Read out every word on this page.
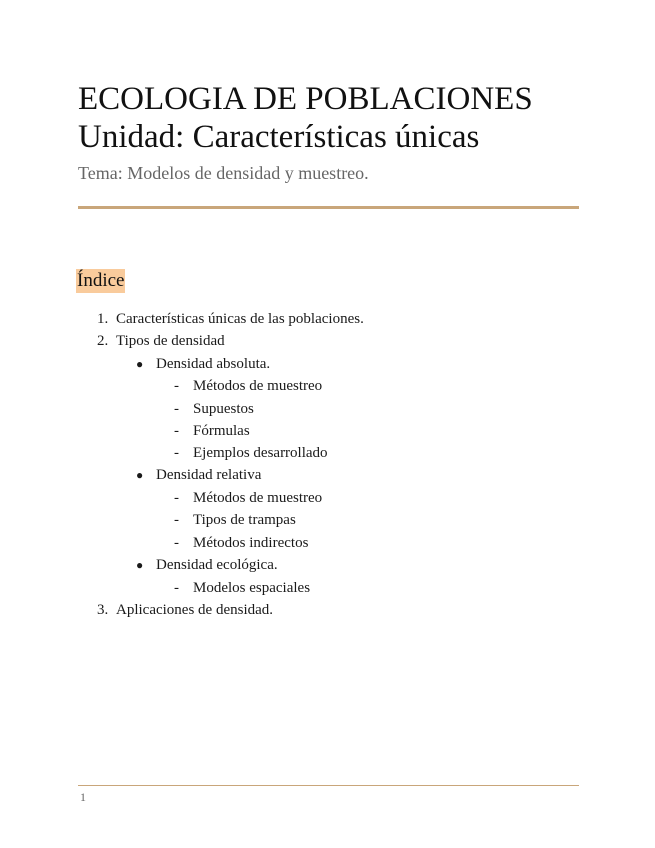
ECOLOGIA DE POBLACIONES
Unidad: Características únicas

Tema: Modelos de densidad y muestreo.

Índice
1. Características únicas de las poblaciones.
2. Tipos de densidad
● Densidad absoluta.
- Métodos de muestreo
- Supuestos
- Fórmulas
- Ejemplos desarrollado
● Densidad relativa
- Métodos de muestreo
- Tipos de trampas
- Métodos indirectos
● Densidad ecológica.
- Modelos espaciales
3. Aplicaciones de densidad.
1
